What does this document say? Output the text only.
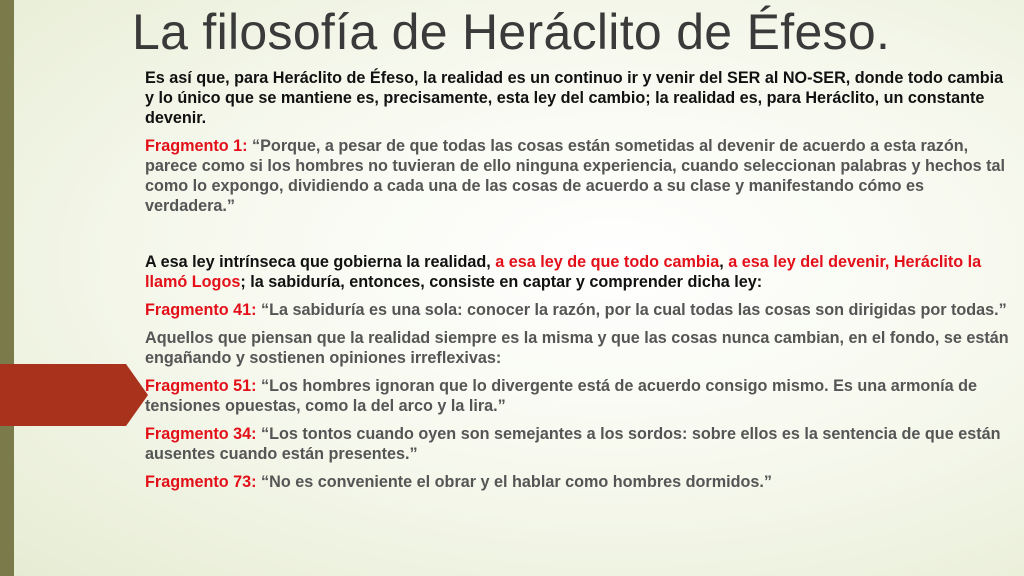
La filosofía de Heráclito de Éfeso.

Es así que, para Heráclito de Éfeso, la realidad es un continuo ir y venir del SER al NO-SER, donde todo cambia y lo único que se mantiene es, precisamente, esta ley del cambio; la realidad es, para Heráclito, un constante devenir.

Fragmento 1: “Porque, a pesar de que todas las cosas están sometidas al devenir de acuerdo a esta razón, parece como si los hombres no tuvieran de ello ninguna experiencia, cuando seleccionan palabras y hechos tal como lo expongo, dividiendo a cada una de las cosas de acuerdo a su clase y manifestando cómo es verdadera.”

A esa ley intrínseca que gobierna la realidad, a esa ley de que todo cambia, a esa ley del devenir, Heráclito la llamó Logos; la sabiduría, entonces, consiste en captar y comprender dicha ley:

Fragmento 41: “La sabiduría es una sola: conocer la razón, por la cual todas las cosas son dirigidas por todas.”

Aquellos que piensan que la realidad siempre es la misma y que las cosas nunca cambian, en el fondo, se están engañando y sostienen opiniones irreflexivas:

Fragmento 51: “Los hombres ignoran que lo divergente está de acuerdo consigo mismo. Es una armonía de tensiones opuestas, como la del arco y la lira.”

Fragmento 34: “Los tontos cuando oyen son semejantes a los sordos: sobre ellos es la sentencia de que están ausentes cuando están presentes.”

Fragmento 73: “No es conveniente el obrar y el hablar como hombres dormidos.”
